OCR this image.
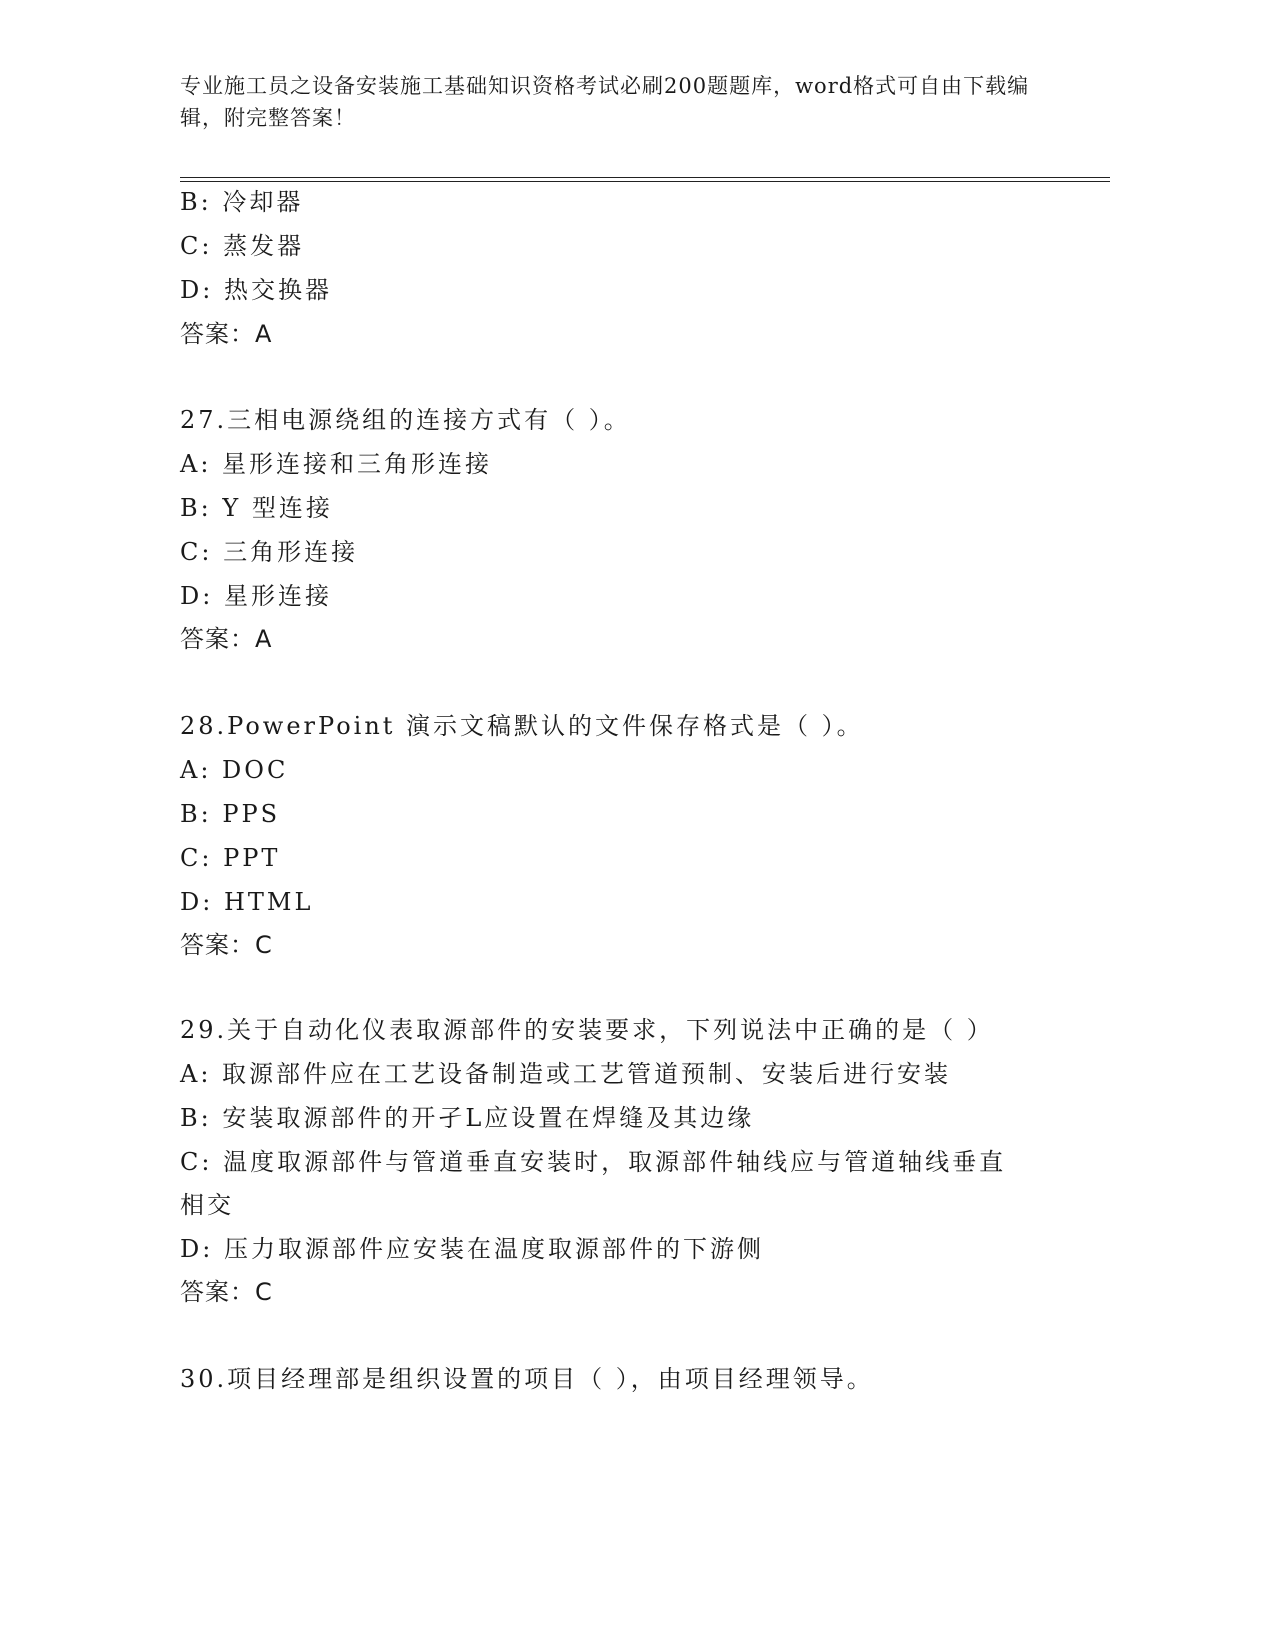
专业施工员之设备安装施工基础知识资格考试必刷200题题库，word格式可自由下载编辑，附完整答案！
B: 冷却器
C: 蒸发器
D: 热交换器
答案：A
27.三相电源绕组的连接方式有（ ）。
A: 星形连接和三角形连接
B: Y 型连接
C: 三角形连接
D: 星形连接
答案：A
28.PowerPoint 演示文稿默认的文件保存格式是（ ）。
A: DOC
B: PPS
C: PPT
D: HTML
答案：C
29.关于自动化仪表取源部件的安装要求，下列说法中正确的是（ ）
A: 取源部件应在工艺设备制造或工艺管道预制、安装后进行安装
B: 安装取源部件的开孑L应设置在焊缝及其边缘
C: 温度取源部件与管道垂直安装时，取源部件轴线应与管道轴线垂直
相交
D: 压力取源部件应安装在温度取源部件的下游侧
答案：C
30.项目经理部是组织设置的项目（ ），由项目经理领导。
